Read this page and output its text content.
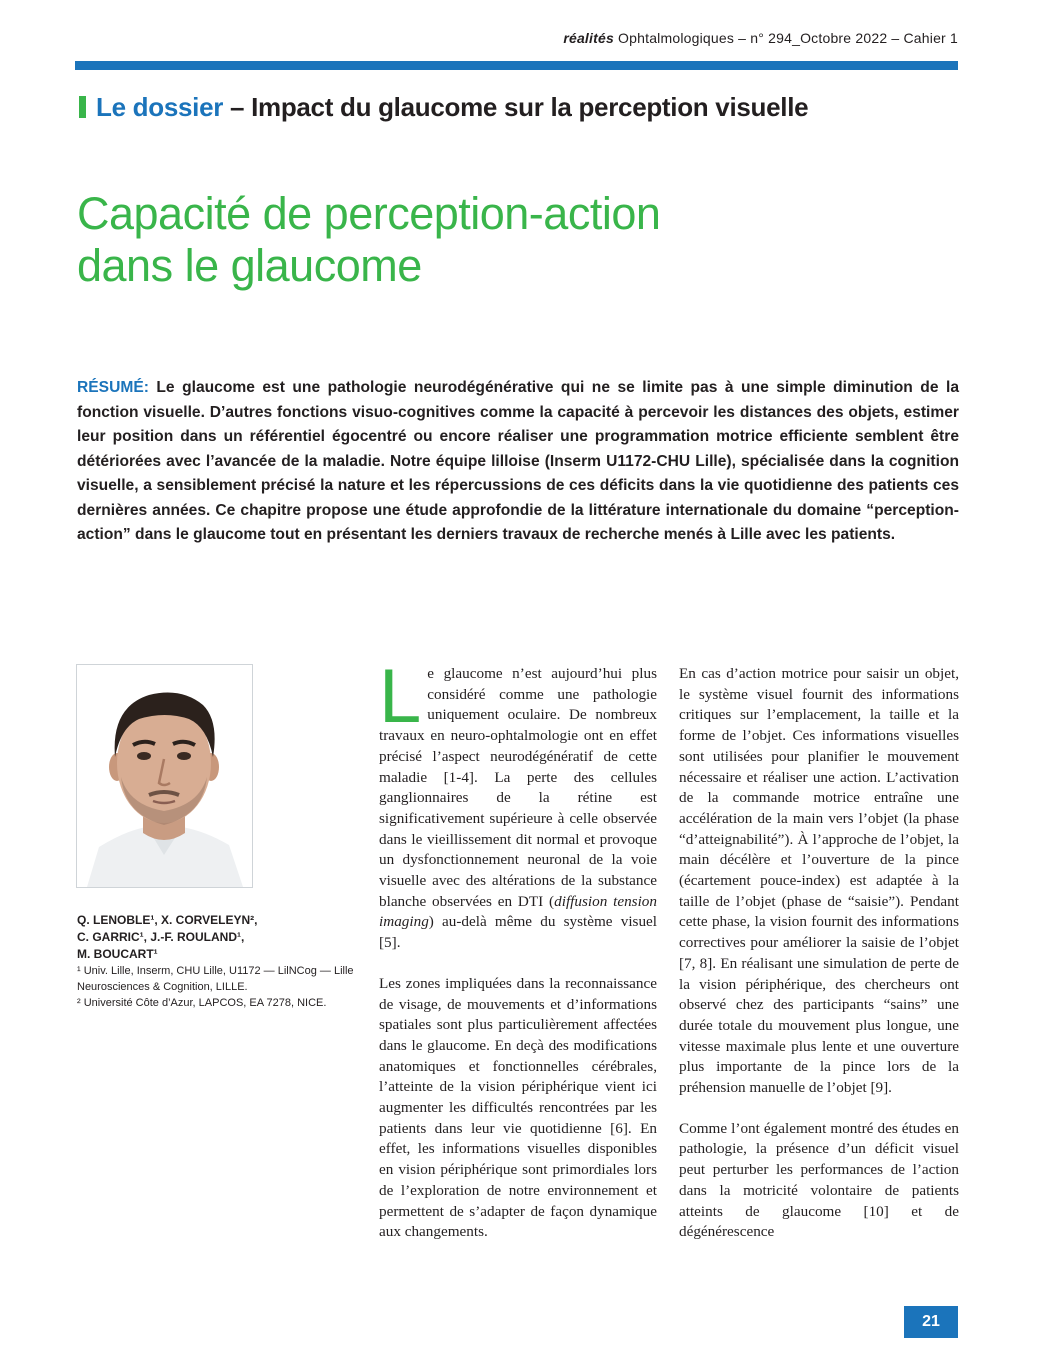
réalités Ophtalmologiques – n° 294_Octobre 2022 – Cahier 1
Le dossier – Impact du glaucome sur la perception visuelle
Capacité de perception-action
dans le glaucome
RÉSUMÉ: Le glaucome est une pathologie neurodégénérative qui ne se limite pas à une simple diminution de la fonction visuelle. D’autres fonctions visuo-cognitives comme la capacité à percevoir les distances des objets, estimer leur position dans un référentiel égocentré ou encore réaliser une programmation motrice efficiente semblent être détériorées avec l’avancée de la maladie. Notre équipe lilloise (Inserm U1172-CHU Lille), spécialisée dans la cognition visuelle, a sensiblement précisé la nature et les répercussions de ces déficits dans la vie quotidienne des patients ces dernières années. Ce chapitre propose une étude approfondie de la littérature internationale du domaine “perception-action” dans le glaucome tout en présentant les derniers travaux de recherche menés à Lille avec les patients.
Q. LENOBLE¹, X. CORVELEYN²,
C. GARRIC¹, J.-F. ROULAND¹,
M. BOUCART¹
¹ Univ. Lille, Inserm, CHU Lille, U1172 — LilNCog — Lille Neurosciences & Cognition, LILLE.
² Université Côte d’Azur, LAPCOS, EA 7278, NICE.

Le glaucome n’est aujourd’hui plus considéré comme une pathologie uniquement oculaire. De nombreux travaux en neuro-ophtalmologie ont en effet précisé l’aspect neurodégénératif de cette maladie [1-4]. La perte des cellules ganglionnaires de la rétine est significativement supérieure à celle observée dans le vieillissement dit normal et provoque un dysfonctionnement neuronal de la voie visuelle avec des altérations de la substance blanche observées en DTI (diffusion tension imaging) au-delà même du système visuel [5].

Les zones impliquées dans la reconnaissance de visage, de mouvements et d’informations spatiales sont plus particulièrement affectées dans le glaucome. En deçà des modifications anatomiques et fonctionnelles cérébrales, l’atteinte de la vision périphérique vient ici augmenter les difficultés rencontrées par les patients dans leur vie quotidienne [6]. En effet, les informations visuelles disponibles en vision périphérique sont primordiales lors de l’exploration de notre environnement et permettent de s’adapter de façon dynamique aux changements.

En cas d’action motrice pour saisir un objet, le système visuel fournit des informations critiques sur l’emplacement, la taille et la forme de l’objet. Ces informations visuelles sont utilisées pour planifier le mouvement nécessaire et réaliser une action. L’activation de la commande motrice entraîne une accélération de la main vers l’objet (la phase “d’atteignabilité”). À l’approche de l’objet, la main décélère et l’ouverture de la pince (écartement pouce-index) est adaptée à la taille de l’objet (phase de “saisie”). Pendant cette phase, la vision fournit des informations correctives pour améliorer la saisie de l’objet [7, 8]. En réalisant une simulation de perte de la vision périphérique, des chercheurs ont observé chez des participants “sains” une durée totale du mouvement plus longue, une vitesse maximale plus lente et une ouverture plus importante de la pince lors de la préhension manuelle de l’objet [9].

Comme l’ont également montré des études en pathologie, la présence d’un déficit visuel peut perturber les performances de l’action dans la motricité volontaire de patients atteints de glaucome [10] et de dégénérescence

21
